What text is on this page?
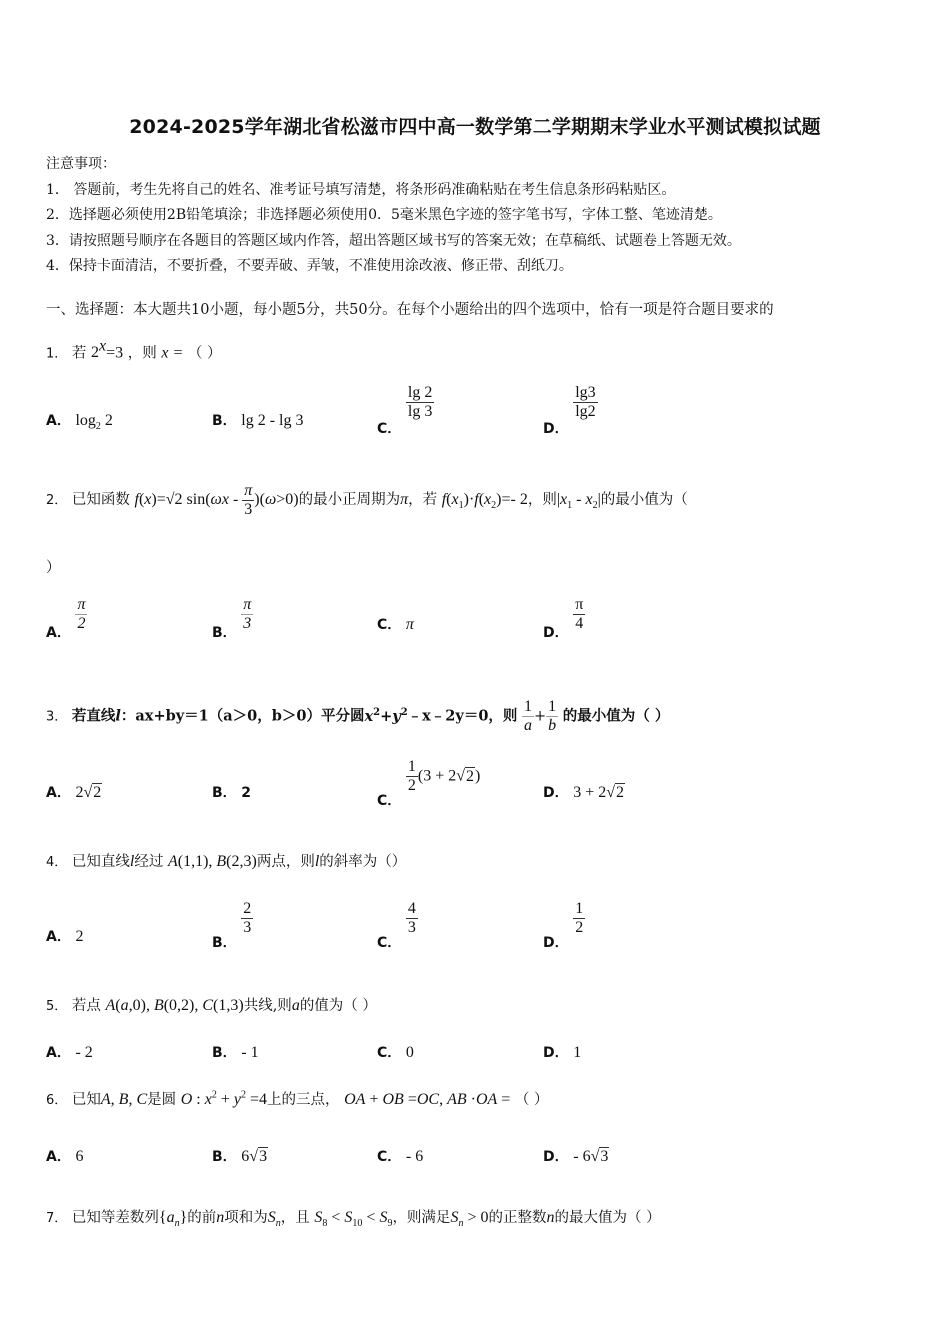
2024-2025学年湖北省松滋市四中高一数学第二学期期末学业水平测试模拟试题
注意事项：
1． 答题前，考生先将自己的姓名、准考证号填写清楚，将条形码准确粘贴在考生信息条形码粘贴区。
2．选择题必须使用2B铅笔填涂；非选择题必须使用0．5毫米黑色字迹的签字笔书写，字体工整、笔迹清楚。
3．请按照题号顺序在各题目的答题区域内作答，超出答题区域书写的答案无效；在草稿纸、试题卷上答题无效。
4．保持卡面清洁，不要折叠，不要弄破、弄皱，不准使用涂改液、修正带、刮纸刀。
一、选择题：本大题共10小题，每小题5分，共50分。在每个小题给出的四个选项中，恰有一项是符合题目要求的
1． 若 $2^x=3$ ，则 x = （ ）
A． $\log_2 2$	B． lg 2 - lg 3	C．
$\frac{\lg 2}{\lg 3}$
D．
$\frac{\lg 3}{\lg 2}$
2． 已知函数 f(x)=√2 $\sin(\omega x - \frac{\pi}{3} )(\omega>0)$的最小正周期为π，若 $f(x_1)\cdot f(x_2)=-$ 2，则$|x_1 - x_2|$的最小值为（
）
A． $\frac{\pi}{2}$	B． $\frac{\pi}{3}$	C． π	D． $\frac{\pi}{4}$
3． 若直线l：ax+by＝1（a＞0，b＞0）平分圆$x^2+y^2﹣x﹣2y=0$，则 $\frac{1}{a} + \frac{1}{b}$ 的最小值为（ ）
A． 2√2	B． 2	C．
$\frac{1}{2} (3 + 2√2)$
D． 3 + 2√2
4． 已知直线l经过 A(1,1), B(2,3)两点，则l的斜率为（）
A． 2	B．
$\frac{2}{3}$
C．
$\frac{4}{3}$
D．
$\frac{1}{2}$
5． 若点 A(a,0), B(0,2), C(1,3)共线,则a的值为（ ）
A． - 2	B． - 1	C． 0	D． 1
6． 已知A, B, C是圆 O : $x^2 + y^2 =4$上的三点， OA + OB =OC, AB ·OA = （ ）
A． 6	B． 6√3	C． - 6	D． - 6√3
7． 已知等差数列$\{a_n\}$的前n项和为$S_n$，且 $S_8 < S_{10} < S_9$，则满足$S_n > 0$的正整数n的最大值为（ ）
